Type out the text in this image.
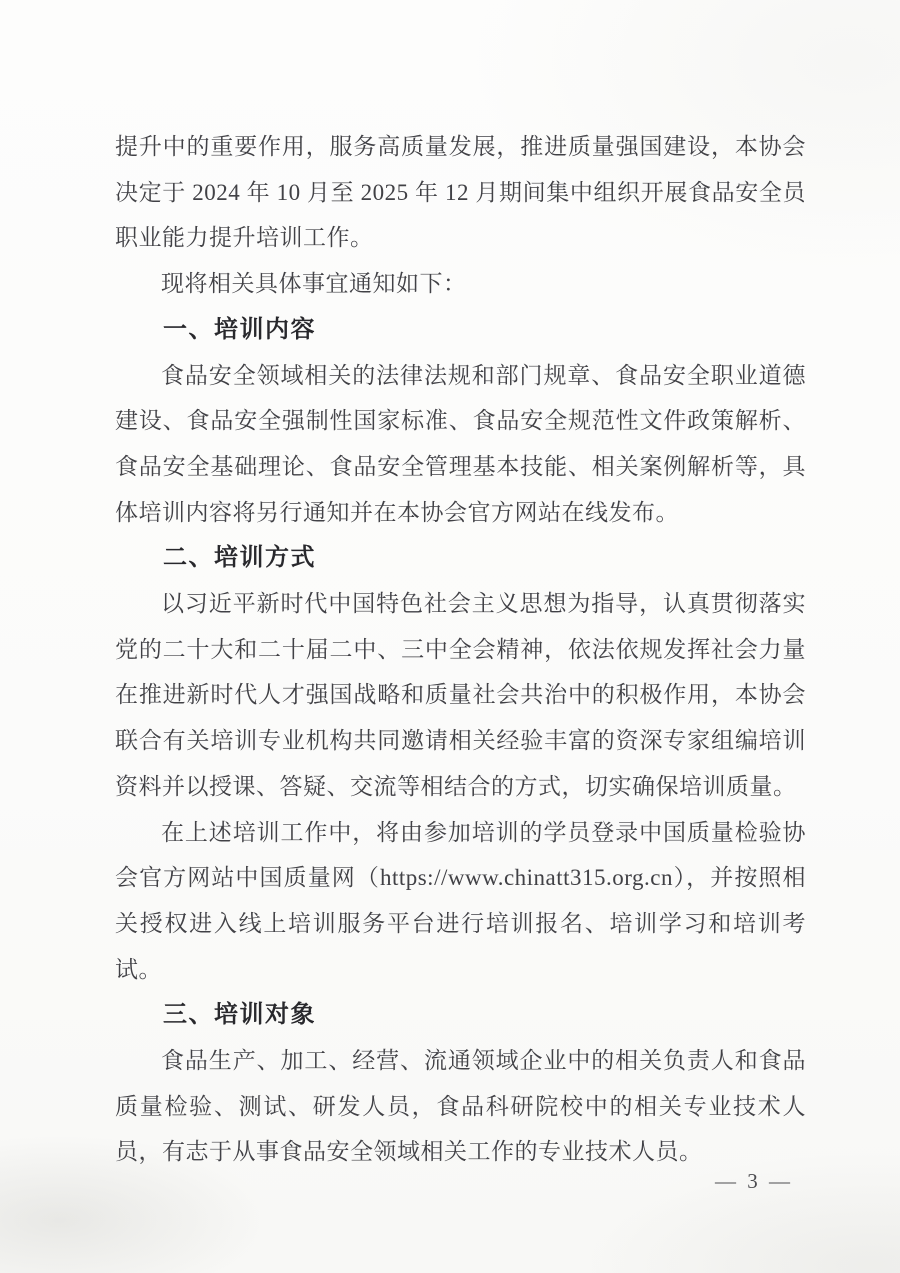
提升中的重要作用，服务高质量发展，推进质量强国建设，本协会决定于 2024 年 10 月至 2025 年 12 月期间集中组织开展食品安全员职业能力提升培训工作。

现将相关具体事宜通知如下：

一、培训内容

食品安全领域相关的法律法规和部门规章、食品安全职业道德建设、食品安全强制性国家标准、食品安全规范性文件政策解析、食品安全基础理论、食品安全管理基本技能、相关案例解析等，具体培训内容将另行通知并在本协会官方网站在线发布。

二、培训方式

以习近平新时代中国特色社会主义思想为指导，认真贯彻落实党的二十大和二十届二中、三中全会精神，依法依规发挥社会力量在推进新时代人才强国战略和质量社会共治中的积极作用，本协会联合有关培训专业机构共同邀请相关经验丰富的资深专家组编培训资料并以授课、答疑、交流等相结合的方式，切实确保培训质量。

在上述培训工作中，将由参加培训的学员登录中国质量检验协会官方网站中国质量网（https://www.chinatt315.org.cn），并按照相关授权进入线上培训服务平台进行培训报名、培训学习和培训考试。

三、培训对象

食品生产、加工、经营、流通领域企业中的相关负责人和食品质量检验、测试、研发人员，食品科研院校中的相关专业技术人员，有志于从事食品安全领域相关工作的专业技术人员。

— 3 —
